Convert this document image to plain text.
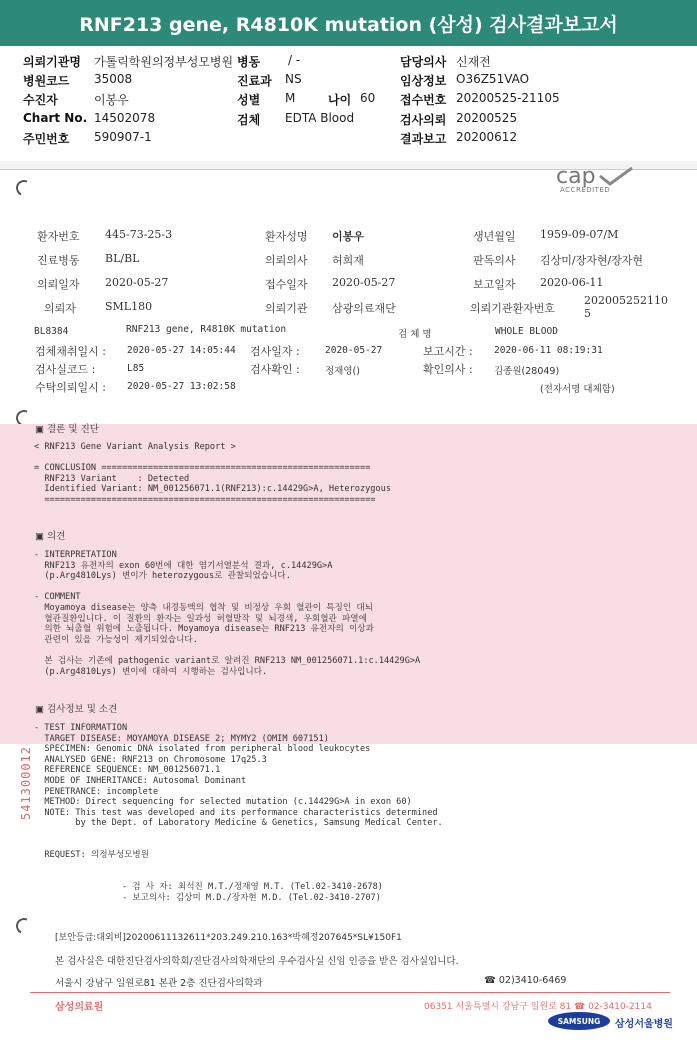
RNF213 gene, R4810K mutation (삼성) 검사결과보고서
의뢰기관명 가톨릭학원의정부성모병원 병동 / -	담당의사 신재전
병원코드 35008	진료과 NS	임상정보 O36Z51VAO
수진자	이봉우	성별 M	나이 60 접수번호 20200525-21105
Chart No. 14502078	검체 EDTA Blood	검사의뢰 20200525
주민번호 590907-1	결과보고 20200612
cap
ACCREDITED
환자번호 445-73-25-3	환자성명 이봉우	생년월일 1959-09-07/M
진료병동 BL/BL	의뢰의사 허희재	판독의사 김상미/장자현/장자현
의뢰일자 2020-05-27	접수일자 2020-05-27	보고일자 2020-06-11
의뢰자	SML180	의뢰기관 삼광의료재단	의뢰기관환자번호
202005252110
5
BL8384	RNF213 gene, R4810K mutation	검 체 명	WHOLE BLOOD
검체채취일시 : 2020-05-27 14:05:44 검사일자 :	2020-05-27	보고시간 : 2020-06-11 08:19:31
검사실코드 :	L85	검사확인 :	정재영()	확인의사 : 김종원(28049)
수탁의뢰일시 : 2020-05-27 13:02:58	(전자서명 대체함)
▣ 결론 및 진단
< RNF213 Gene Variant Analysis Report >

= CONCLUSION ====================================================
RNF213 Variant    : Detected
Identified Variant: NM_001256071.1(RNF213):c.14429G>A, Heterozygous
================================================================
▣ 의견
- INTERPRETATION
RNF213 유전자의 exon 60번에 대한 염기서열분석 결과, c.14429G>A
(p.Arg4810Lys) 변이가 heterozygous로 관찰되었습니다.

- COMMENT
Moyamoya disease는 양측 내경동맥의 협착 및 비정상 우회 혈관이 특징인 대뇌
혈관질환입니다. 이 질환의 환자는 일과성 허혈발작 및 뇌경색, 우회혈관 파열에
의한 뇌출혈 위험에 노출됩니다. Moyamoya disease는 RNF213 유전자의 이상과
관련이 있을 가능성이 제기되었습니다.

본 검사는 기존에 pathogenic variant로 알려진 RNF213 NM_001256071.1:c.14429G>A
(p.Arg4810Lys) 변이에 대하여 시행하는 검사입니다.
▣ 검사정보 및 소견
- TEST INFORMATION
TARGET DISEASE: MOYAMOYA DISEASE 2; MYMY2 (OMIM 607151)
SPECIMEN: Genomic DNA isolated from peripheral blood leukocytes
ANALYSED GENE: RNF213 on Chromosome 17q25.3
REFERENCE SEQUENCE: NM_001256071.1
MODE OF INHERITANCE: Autosomal Dominant
PENETRANCE: incomplete
METHOD: Direct sequencing for selected mutation (c.14429G>A in exon 60)
NOTE: This test was developed and its performance characteristics determined
by the Dept. of Laboratory Medicine & Genetics, Samsung Medical Center.

REQUEST: 의정부성모병원

- 검 사 자: 최석진 M.T./정재영 M.T. (Tel.02-3410-2678)
- 보고의사: 김상미 M.D./장자현 M.D. (Tel.02-3410-2707)
[보안등급:대외비]20200611132611*203.249.210.163*박혜정207645*SL¥150F1
본 검사실은 대한진단검사의학회/진단검사의학재단의 우수검사실 신임 인증을 받은 검사실입니다.
서울시 강남구 일원로81 본관 2층 진단검사의학과	☎ 02)3410-6469
541300012
삼성의료원	06351 서울특별시 강남구 일원로 81 ☎ 02-3410-2114
SAMSUNG 삼성서울병원
